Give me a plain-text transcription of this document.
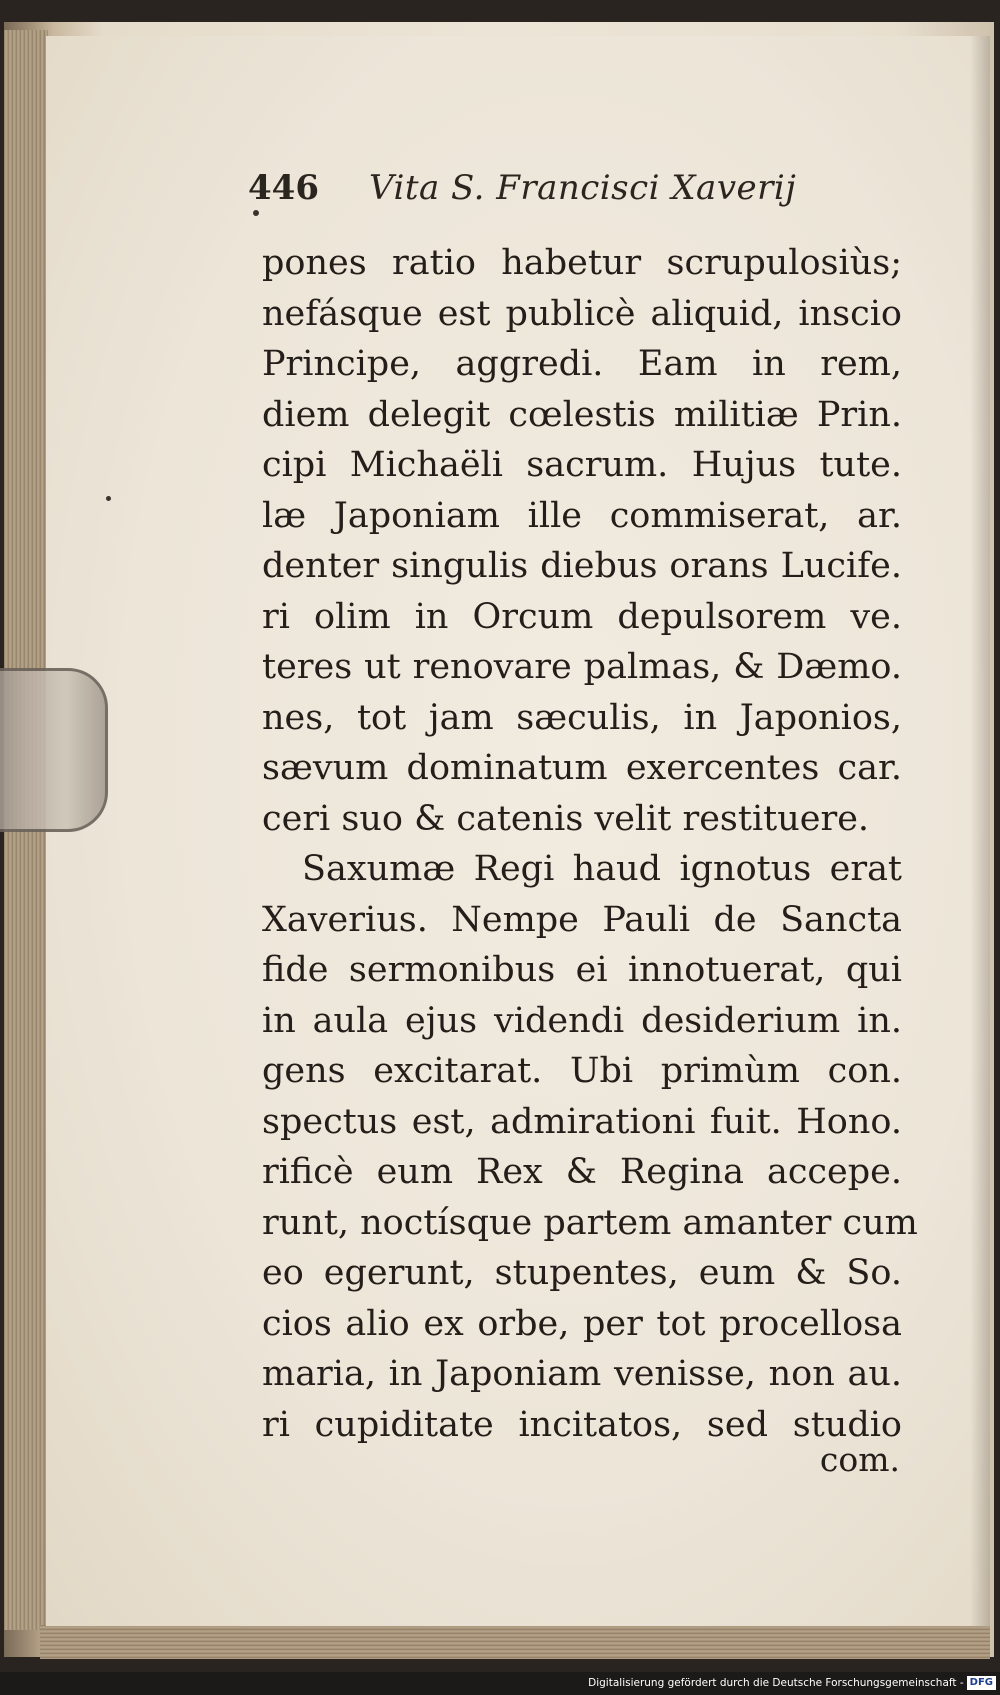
446 Vita S. Francisci Xaverij
pones ratio habetur scrupulosiùs;
nefásque est publicè aliquid, inscio
Principe, aggredi. Eam in rem,
diem delegit cœlestis militiæ Prin.
cipi Michaëli sacrum. Hujus tute.
læ Japoniam ille commiserat, ar.
denter singulis diebus orans Lucife.
ri olim in Orcum depulsorem ve.
teres ut renovare palmas, & Dæmo.
nes, tot jam sæculis, in Japonios,
sævum dominatum exercentes car.
ceri suo & catenis velit restituere.
Saxumæ Regi haud ignotus erat
Xaverius. Nempe Pauli de Sancta
fide sermonibus ei innotuerat, qui
in aula ejus videndi desiderium in.
gens excitarat. Ubi primùm con.
spectus est, admirationi fuit. Hono.
rificè eum Rex & Regina accepe.
runt, noctísque partem amanter cum
eo egerunt, stupentes, eum & So.
cios alio ex orbe, per tot procellosa
maria, in Japoniam venisse, non au.
ri cupiditate incitatos, sed studio
com.
Digitalisierung gefördert durch die Deutsche Forschungsgemeinschaft - DFG
